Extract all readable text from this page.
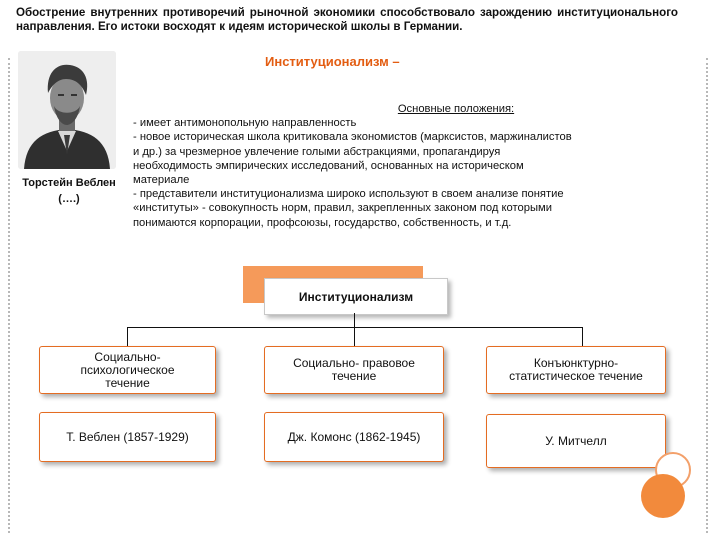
Обострение внутренних противоречий рыночной экономики способствовало зарождению институционального направления. Его истоки восходят к идеям исторической школы в Германии.
Институционализм –
Торстейн Веблен
(….)
Основные положения:
- имеет антимонопольную направленность
- новое историческая школа критиковала экономистов (марксистов, маржиналистов
и др.) за чрезмерное увлечение голыми абстракциями, пропагандируя
необходимость эмпирических исследований, основанных на историческом
материале
- представители институционализма широко используют в своем анализе понятие
«институты» - совокупность норм, правил, закрепленных законом под которыми
понимаются корпорации, профсоюзы, государство, собственность, и т.д.
Институционализм
Социально-
психологическое
течение
Социально- правовое
течение
Конъюнктурно-
статистическое течение
Т. Веблен (1857-1929)	Дж. Комонс (1862-1945)	У. Митчелл
